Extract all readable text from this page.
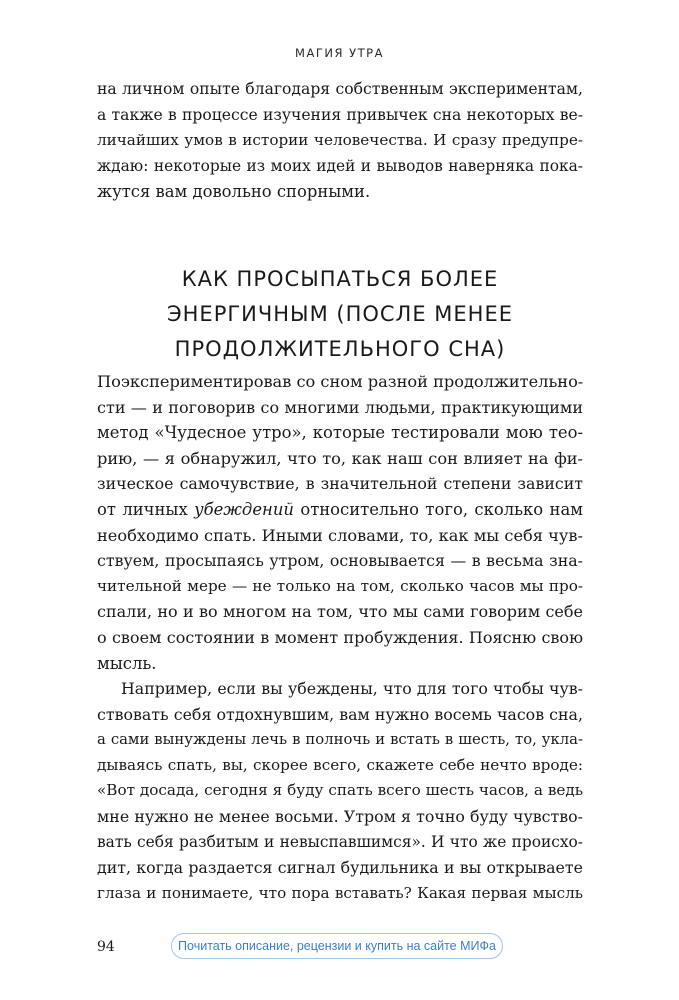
МАГИЯ УТРА
на личном опыте благодаря собственным экспериментам,
а также в процессе изучения привычек сна некоторых ве-
личайших умов в истории человечества. И сразу предупре-
ждаю: некоторые из моих идей и выводов наверняка пока-
жутся вам довольно спорными.
КАК ПРОСЫПАТЬСЯ БОЛЕЕ
ЭНЕРГИЧНЫМ (ПОСЛЕ МЕНЕЕ
ПРОДОЛЖИТЕЛЬНОГО СНА)
Поэкспериментировав со сном разной продолжительно-
сти — и поговорив со многими людьми, практикующими
метод «Чудесное утро», которые тестировали мою тео-
рию, — я обнаружил, что то, как наш сон влияет на фи-
зическое самочувствие, в значительной степени зависит
от личных убеждений относительно того, сколько нам
необходимо спать. Иными словами, то, как мы себя чув-
ствуем, просыпаясь утром, основывается — в весьма зна-
чительной мере — не только на том, сколько часов мы про-
спали, но и во многом на том, что мы сами говорим себе
о своем состоянии в момент пробуждения. Поясню свою
мысль.
Например, если вы убеждены, что для того чтобы чув-
ствовать себя отдохнувшим, вам нужно восемь часов сна,
а сами вынуждены лечь в полночь и встать в шесть, то, укла-
дываясь спать, вы, скорее всего, скажете себе нечто вроде:
«Вот досада, сегодня я буду спать всего шесть часов, а ведь
мне нужно не менее восьми. Утром я точно буду чувство-
вать себя разбитым и невыспавшимся». И что же происхо-
дит, когда раздается сигнал будильника и вы открываете
глаза и понимаете, что пора вставать? Какая первая мысль
94	Почитать описание, рецензии и купить на сайте МИФа
